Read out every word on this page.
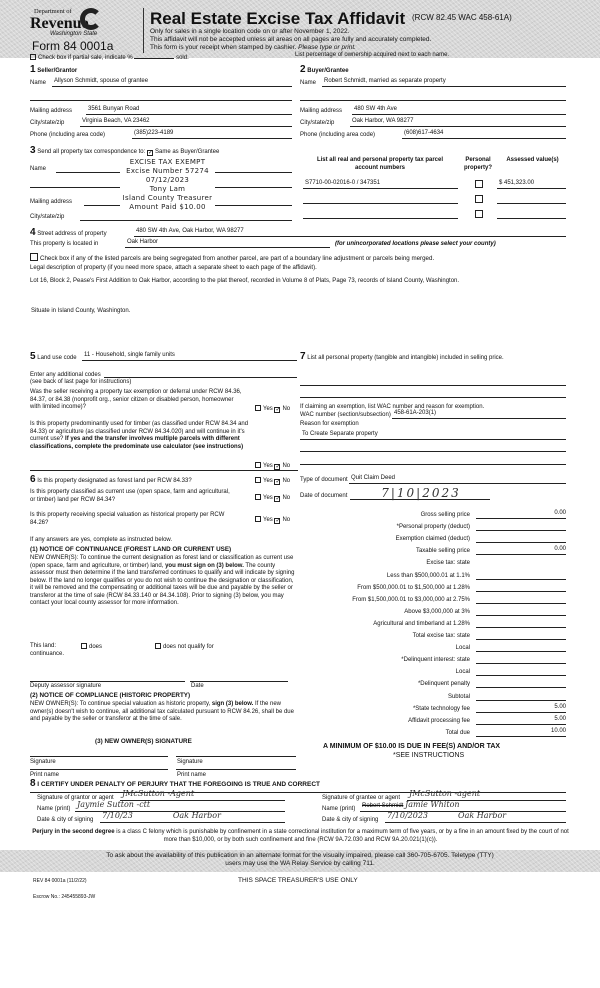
Department of
Revenue
Washington State
Form 84 0001a
Real Estate Excise Tax Affidavit (RCW 82.45 WAC 458-61A)
Only for sales in a single location code on or after November 1, 2022.
This affidavit will not be accepted unless all areas on all pages are fully and accurately completed.
This form is your receipt when stamped by cashier. Please type or print.
Check box if partial sale, indicate %	sold.	List percentage of ownership acquired next to each name.
1 Seller/Grantor
Name	Allyson Schmidt, spouse of grantee
Mailing address	3561 Bunyan Road
City/state/zip	Virginia Beach, VA 23462
Phone (including area code)	(385)223-4189
2 Buyer/Grantee
Name	Robert Schmidt, married as separate property
Mailing address	480 SW 4th Ave
City/state/zip	Oak Harbor, WA 98277
Phone (including area code)	(608)617-4634
3 Send all property tax correspondence to: ✓ Same as Buyer/Grantee
Name
Mailing address
City/state/zip
EXCISE TAX EXEMPT
Excise Number 57274
07/12/2023
Tony Lam
Island County Treasurer
Amount Paid $10.00
List all real and personal property tax parcel account numbers
Personal property?
Assessed value(s)
S7710-00-02016-0 / 347351	$ 451,323.00
4 Street address of property	480 SW 4th Ave, Oak Harbor, WA 98277
This property is located in	Oak Harbor	(for unincorporated locations please select your county)
Check box if any of the listed parcels are being segregated from another parcel, are part of a boundary line adjustment or parcels being merged.
Legal description of property (if you need more space, attach a separate sheet to each page of the affidavit).
Lot 16, Block 2, Pease's First Addition to Oak Harbor, according to the plat thereof, recorded in Volume 8 of Plats, Page 73, records of Island County, Washington.
Situate in Island County, Washington.
5 Land use code	11 - Household, single family units
Enter any additional codes
(see back of last page for instructions)
Was the seller receiving a property tax exemption or deferral under RCW 84.36, 84.37, or 84.38 (nonprofit org., senior citizen or disabled person, homeowner with limited income)?	Yes ✓ No
Is this property predominantly used for timber (as classified under RCW 84.34 and 84.33) or agriculture (as classified under RCW 84.34.020) and will continue in it's current use? If yes and the transfer involves multiple parcels with different classifications, complete the predominate use calculator (see instructions)
Yes ✓ No
6 Is this property designated as forest land per RCW 84.33?	Yes ✓ No
Is this property classified as current use (open space, farm and agricultural, or timber) land per RCW 84.34?	Yes ✓ No
Is this property receiving special valuation as historical property per RCW 84.26?	Yes ✓ No
If any answers are yes, complete as instructed below.
(1) NOTICE OF CONTINUANCE (FOREST LAND OR CURRENT USE)
NEW OWNER(S): To continue the current designation as forest land or classification as current use (open space, farm and agriculture, or timber) land, you must sign on (3) below. The county assessor must then determine if the land transferred continues to qualify and will indicate by signing below. If the land no longer qualifies or you do not wish to continue the designation or classification, it will be removed and the compensating or additional taxes will be due and payable by the seller or transferor at the time of sale (RCW 84.33.140 or 84.34.108). Prior to signing (3) below, you may contact your local county assessor for more information.
This land:	does	does not qualify for
continuance.
Deputy assessor signature	Date
(2) NOTICE OF COMPLIANCE (HISTORIC PROPERTY)
NEW OWNER(S): To continue special valuation as historic property, sign (3) below. If the new owner(s) doesn't wish to continue, all additional tax calculated pursuant to RCW 84.26, shall be due and payable by the seller or transferor at the time of sale.
(3) NEW OWNER(S) SIGNATURE
Signature	Signature
Print name	Print name
7 List all personal property (tangible and intangible) included in selling price.
If claiming an exemption, list WAC number and reason for exemption.
WAC number (section/subsection) 458-61A-203(1)
Reason for exemption
To Create Separate property
Type of document Quit Claim Deed
Date of document	7|10|2023
Gross selling price	0.00
*Personal property (deduct)
Exemption claimed (deduct)
Taxable selling price	0.00
Excise tax: state
Less than $500,000.01 at 1.1%
From $500,000.01 to $1,500,000 at 1.28%
From $1,500,000.01 to $3,000,000 at 2.75%
Above $3,000,000 at 3%
Agricultural and timberland at 1.28%
Total excise tax: state
Local
*Delinquent interest: state
Local
*Delinquent penalty
Subtotal
*State technology fee	5.00
Affidavit processing fee	5.00
Total due	10.00
A MINIMUM OF $10.00 IS DUE IN FEE(S) AND/OR TAX
*SEE INSTRUCTIONS
8 I CERTIFY UNDER PENALTY OF PERJURY THAT THE FOREGOING IS TRUE AND CORRECT
Signature of grantor or agent JMcSutton -Agent
Name (print) Jaymie Sutton -ctt
Date & city of signing 7/10/23	Oak Harbor
Signature of grantee or agent JMcSutton -agent
Name (print)	Robert Schmidt Jamie Whiton
Date & city of signing 7/10/2023	Oak Harbor
Perjury in the second degree is a class C felony which is punishable by confinement in a state correctional institution for a maximum term of five years, or by a fine in an amount fixed by the court of not more than $10,000, or by both such confinement and fine (RCW 9A.72.030 and RCW 9A.20.021(1)(c)).
To ask about the availability of this publication in an alternate format for the visually impaired, please call 360-705-6705. Teletype (TTY) users may use the WA Relay Service by calling 711.
REV 84 0001a (11/2/22)	THIS SPACE TREASURER'S USE ONLY
Escrow No.: 245455893-JW
